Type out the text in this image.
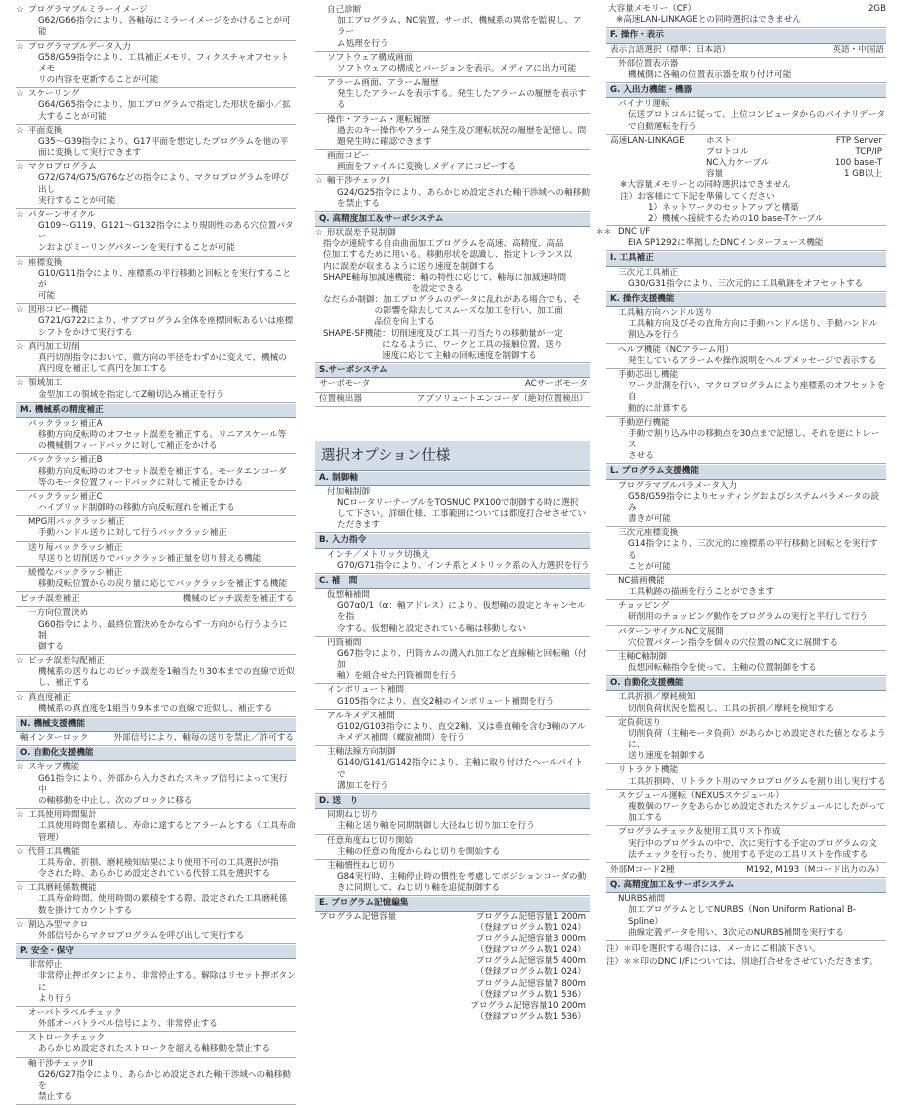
☆ プログラマブルミラーイメージ
G62/G66指令により、各軸毎にミラーイメージをかけることが可能
☆ プログラマブルデータ入力
G58/G59指令により、工具補正メモリ、フィクスチャオフセットメモ
リの内容を更新することが可能
☆ スケーリング
G64/G65指令により、加工プログラムで指定した形状を縮小／拡
大することが可能
☆ 平面変換
G35～G39指令により、G17平面を想定したプログラムを他の平
面に変換して実行できます
☆ マクロプログラム
G72/G74/G75/G76などの指令により、マクロプログラムを呼び出し
実行することが可能
☆ パターンサイクル
G109～G119、G121～G132指令により規則性のある穴位置パター
ンおよびミーリングパターンを実行することが可能
☆ 座標変換
G10/G11指令により、座標系の平行移動と回転とを実行することが
可能
☆ 図形コピー機能
G721/G722により、サブプログラム全体を座標回転あるいは座標
シフトをかけて実行する
☆ 真円加工切削
真円切削指令において、微方向の半径をわずかに変えて、機械の
真円度を補正して真円を加工する
☆ 領域加工
金型加工の領域を指定してZ軸切込み補正を行う
M. 機械系の精度補正
バックラッシ補正A
移動方向反転時のオフセット誤差を補正する。リニアスケール等
の機械側フィードバックに対して補正をかける
バックラッシ補正B
移動方向反転時のオフセット誤差を補正する。モータエンコーダ
等のモータ位置フィードバックに対して補正をかける
バックラッシ補正C
ハイブリッド制御時の移動方向反転遅れを補正する
MPG用バックラッシ補正
手動ハンドル送りに対して行うバックラッシ補正
送り毎バックラッシ補正
早送りと切削送りでバックラッシ補正量を切り替える機能
緩慢なバックラッシ補正
移動反転位置からの戻り量に応じてバックラッシを補正する機能
ピッチ誤差補正	機械のピッチ誤差を補正する
一方向位置決め
G60指令により、最終位置決めをかならず一方向から行うように制
御する
☆ ピッチ誤差勾配補正
機械系の送りねじのピッチ誤差を1軸当たり30本までの直線で近似
し、補正する
☆ 真直度補正
機械系の真直度を1組当り9本までの直線で近似し、補正する
N. 機械支援機能
軸インターロック	外部信号により、軸毎の送りを禁止／許可する
O. 自動化支援機能
☆ スキップ機能
G61指令により、外部から入力されたスキップ信号によって実行中
の軸移動を中止し、次のブロックに移る
☆ 工具使用時間集計
工具使用時間を累積し、寿命に達するとアラームとする（工具寿命
管理）
☆ 代替工具機能
工具寿命、折損、磨耗検知結果により使用不可の工具選択が指
令された時、あらかじめ設定されている代替工具を選択する
☆ 工具磨耗係数機能
工具寿命時間、使用時間の累積をする際、設定された工具磨耗係
数を掛けてカウントする
☆ 割込み型マクロ
外部信号からマクロプログラムを呼び出して実行する
P. 安全・保守
非常停止
非常停止押ボタンにより、非常停止する。解除はリセット押ボタンに
より行う
オーバトラベルチェック
外部オーバトラベル信号により、非常停止する
ストロークチェック
あらかじめ設定されたストロークを超える軸移動を禁止する
軸干渉チェックII
G26/G27指令により、あらかじめ設定された軸干渉域への軸移動を
禁止する
自己診断
加工プログラム、NC装置、サーボ、機械系の異常を監視し、アラー
ム処理を行う
ソフトウェア構成画面
ソフトウェアの構成とバージョンを表示。メディアに出力可能
アラーム画面、アラーム履歴
発生したアラームを表示する。発生したアラームの履歴を表示す
る
操作・アラーム・運転履歴
過去のキー操作やアラーム発生及び運転状況の履歴を記憶し、問
題発生時に確認できます
画面コピー
画面をファイルに変換しメディアにコピーする
☆ 軸干渉チェックI
G24/G25指令により、あらかじめ設定された軸干渉域への軸移動
を禁止する
Q. 高精度加工＆サーボシステム
☆ 形状誤差予見制御
指令が連続する自由曲面加工プログラムを高速、高精度、高品
位加工するために用いる。移動形状を認識し、指定トレランス以
内に誤差が収まるように送り速度を制御する
SHAPE軸毎加減速機能 ：軸の特性に応じて、軸毎に加減速時間
を設定できる
なだらか制御 ：加工プログラムのデータに乱れがある場合でも、そ
の影響を除去してスムーズな加工を行い、加工面
品位を向上する
SHAPE-SF機能 ：切削速度及び工具一刃当たりの移動量が一定
になるように、ワークと工具の接触位置、送り
速度に応じて主軸の回転速度を制御する
S.サーボシステム
サーボモータ	ACサーボモータ
位置検出器	アブソリュートエンコーダ（絶対位置検出）
選択オプション仕様
A. 制御軸
付加軸制御
NCロータリーテーブルをTOSNUC PX100で制御する時に選択
して下さい。詳細仕様、工事範囲については都度打合せさせてい
ただきます
B. 入力指令
インチ／メトリック切換え
G70/G71指令により、インチ系とメトリック系の入力選択を行う
C. 補　間
仮想軸補間
G07α0/1（α：軸アドレス）により、仮想軸の設定とキャンセルを指
令する。仮想軸と設定されている軸は移動しない
円筒補間
G67指令により、円筒カムの溝入れ加工など直線軸と回転軸（付加
軸）を組合せた円筒補間を行う
インボリュート補間
G105指令により、直交2軸のインボリュート補間を行う
アルキメデス補間
G102/G103指令により、直交2軸、又は垂直軸を含む3軸のアル
キメデス補間（螺旋補間）を行う
主軸法線方向制御
G140/G141/G142指令により、主軸に取り付けたヘールバイトで
溝加工を行う
D. 送　り
同期ねじ切り
主軸と送り軸を同期制御し大径ねじ切り加工を行う
任意角度ねじ切り開始
主軸の任意の角度からねじ切りを開始する
主軸慣性ねじ切り
G84実行時、主軸停止時の慣性を考慮してポジションコーダの動
きに同期して、ねじ切り軸を追従制御する
E. プログラム記憶編集
プログラム記憶容量	プログラム記憶容量1 200m
（登録プログラム数1 024）
プログラム記憶容量3 000m
（登録プログラム数1 024）
プログラム記憶容量5 400m
（登録プログラム数1 024）
プログラム記憶容量7 800m
（登録プログラム数1 536）
プログラム記憶容量10 200m
（登録プログラム数1 536）
大容量メモリー（CF）	2GB
※高速LAN-LINKAGEとの同時選択はできません
F. 操作・表示
表示言語選択（標準：日本語）	英語・中国語
外部位置表示器
機械側に各軸の位置表示器を取り付け可能
G. 入出力機能・機器
バイナリ運転
伝送プロトコルに従って、上位コンピュータからのバイナリデータ
で自動運転を行う
高速LAN-LINKAGE	ホスト	FTP Server
プロトコル	TCP/IP
NC入力ケーブル	100 base-T
容量	1 GB以上
※大容量メモリーとの同時選択はできません
注）お客様にて下記を準備してください
1）ネットワークのセットアップと構築
2）機械へ接続するための10 base-Tケーブル
＊＊ DNC I/F
EIA SP1292に準拠したDNCインターフェース機能
I. 工具補正
三次元工具補正
G30/G31指令により、三次元的に工具軌跡をオフセットする
K. 操作支援機能
工具軸方向ハンドル送り
工具軸方向及びその直角方向に手動ハンドル送り、手動ハンドル
割込みを行う
ヘルプ機能（NCアラーム用）
発生しているアラームや操作説明をヘルプメッセージで表示する
手動芯出し機能
ワーク計測を行い、マクロプログラムにより座標系のオフセットを自
動的に計算する
手動逆行機能
手動で割り込み中の移動点を30点まで記憶し、それを逆にトレース
させる
L. プログラム支援機能
プログラマブルパラメータ入力
G58/G59指令によりセッティングおよびシステムパラメータの読み
書きが可能
三次元座標変換
G14指令により、三次元的に座標系の平行移動と回転とを実行する
ことが可能
NC描画機能
工具軌跡の描画を行うことができます
チョッピング
研削用のチョッピング動作をプログラムの実行と平行して行う
パターンサイクルNC文展開
穴位置パターン指令を個々の穴位置のNC文に展開する
主軸C軸制御
仮想回転軸指令を使って、主軸の位置制御をする
O. 自動化支援機能
工具折損／摩耗検知
切削負荷状況を監視し、工具の折損／摩耗を検知する
定負荷送り
切削負荷（主軸モータ負荷）があらかじめ設定された値となるように、
送り速度を制御する
リトラクト機能
工具折損時、リトラクト用のマクロプログラムを割り出し実行する
スケジュール運転（NEXUSスケジュール）
複数個のワークをあらかじめ設定されたスケジュールにしたがって
加工する
プログラムチェック＆使用工具リスト作成
実行中のプログラムの中で、次に実行する予定のプログラムの文
法チェックを行ったり、使用する予定の工具リストを作成する
外部Mコード2種	M192, M193（Mコード出力のみ）
Q. 高精度加工＆サーボシステム
NURBS補間
加工プログラムとしてNURBS（Non Uniform Rational B-Spline）
曲線定義データを用い、3次元のNURBS補間を実行する
注）＊印を選択する場合には、メーカにご相談下さい。
注）＊＊印のDNC I/Fについては、別途打合せをさせていただきます。
